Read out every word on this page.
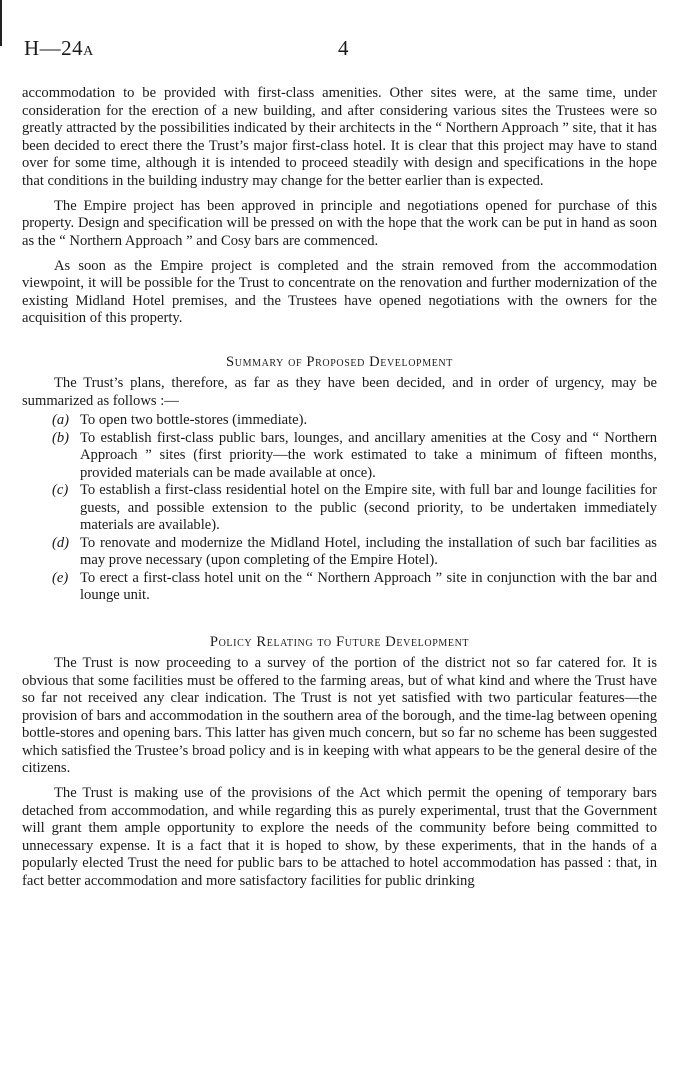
H—24A	4

accommodation to be provided with first-class amenities. Other sites were, at the same time, under consideration for the erection of a new building, and after considering various sites the Trustees were so greatly attracted by the possibilities indicated by their architects in the “ Northern Approach ” site, that it has been decided to erect there the Trust’s major first-class hotel. It is clear that this project may have to stand over for some time, although it is intended to proceed steadily with design and specifications in the hope that conditions in the building industry may change for the better earlier than is expected.

The Empire project has been approved in principle and negotiations opened for purchase of this property. Design and specification will be pressed on with the hope that the work can be put in hand as soon as the “ Northern Approach ” and Cosy bars are commenced.

As soon as the Empire project is completed and the strain removed from the accommodation viewpoint, it will be possible for the Trust to concentrate on the renovation and further modernization of the existing Midland Hotel premises, and the Trustees have opened negotiations with the owners for the acquisition of this property.

Summary of Proposed Development

The Trust’s plans, therefore, as far as they have been decided, and in order of urgency, may be summarized as follows :—

(a) To open two bottle-stores (immediate).
(b) To establish first-class public bars, lounges, and ancillary amenities at the Cosy and “ Northern Approach ” sites (first priority—the work estimated to take a minimum of fifteen months, provided materials can be made available at once).
(c) To establish a first-class residential hotel on the Empire site, with full bar and lounge facilities for guests, and possible extension to the public (second priority, to be undertaken immediately materials are available).
(d) To renovate and modernize the Midland Hotel, including the installation of such bar facilities as may prove necessary (upon completing of the Empire Hotel).
(e) To erect a first-class hotel unit on the “ Northern Approach ” site in conjunction with the bar and lounge unit.
Policy Relating to Future Development

The Trust is now proceeding to a survey of the portion of the district not so far catered for. It is obvious that some facilities must be offered to the farming areas, but of what kind and where the Trust have so far not received any clear indication. The Trust is not yet satisfied with two particular features—the provision of bars and accommodation in the southern area of the borough, and the time-lag between opening bottle-stores and opening bars. This latter has given much concern, but so far no scheme has been suggested which satisfied the Trustee’s broad policy and is in keeping with what appears to be the general desire of the citizens.

The Trust is making use of the provisions of the Act which permit the opening of temporary bars detached from accommodation, and while regarding this as purely experimental, trust that the Government will grant them ample opportunity to explore the needs of the community before being committed to unnecessary expense. It is a fact that it is hoped to show, by these experiments, that in the hands of a popularly elected Trust the need for public bars to be attached to hotel accommodation has passed : that, in fact better accommodation and more satisfactory facilities for public drinking
